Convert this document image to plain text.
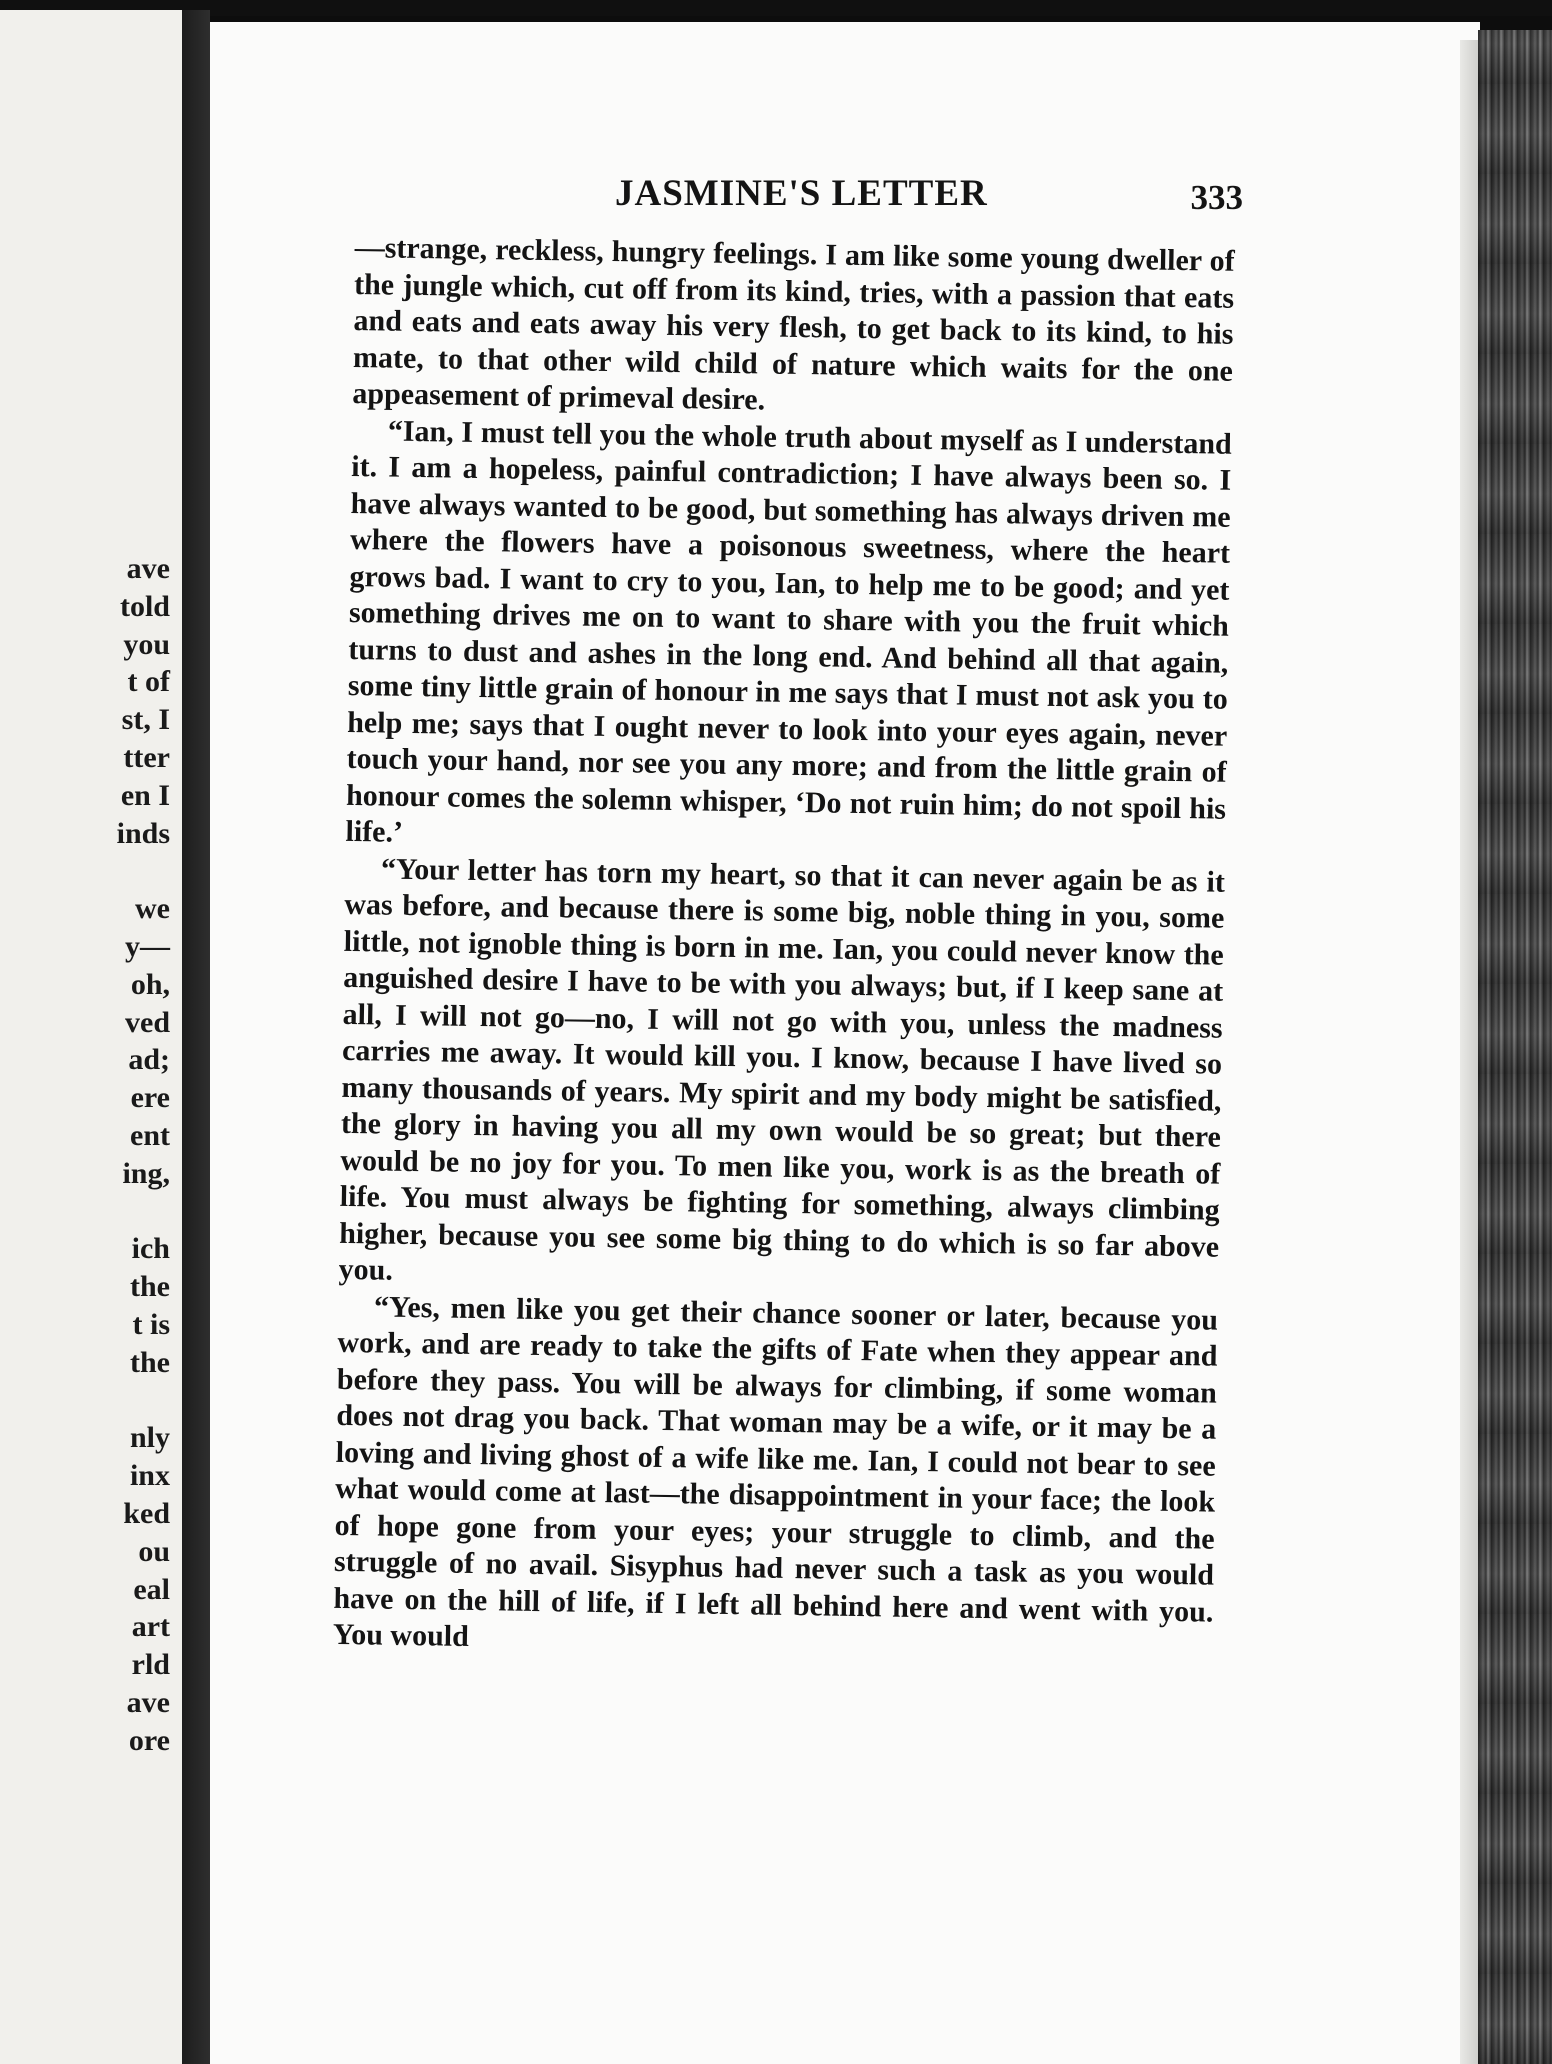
ave
told
you
t of
st, I
tter
en I
inds
we
y—
oh,
ved
ad;
ere
ent
ing,
ich
the
t is
the
nly
inx
ked
ou
eal
art
rld
ave
ore
JASMINE'S LETTER	333

—strange, reckless, hungry feelings. I am like some young dweller of the jungle which, cut off from its kind, tries, with a passion that eats and eats and eats away his very flesh, to get back to its kind, to his mate, to that other wild child of nature which waits for the one appeasement of primeval desire.

“Ian, I must tell you the whole truth about myself as I understand it. I am a hopeless, painful contradiction; I have always been so. I have always wanted to be good, but something has always driven me where the flowers have a poisonous sweetness, where the heart grows bad. I want to cry to you, Ian, to help me to be good; and yet something drives me on to want to share with you the fruit which turns to dust and ashes in the long end. And behind all that again, some tiny little grain of honour in me says that I must not ask you to help me; says that I ought never to look into your eyes again, never touch your hand, nor see you any more; and from the little grain of honour comes the solemn whisper, ‘Do not ruin him; do not spoil his life.’

“Your letter has torn my heart, so that it can never again be as it was before, and because there is some big, noble thing in you, some little, not ignoble thing is born in me. Ian, you could never know the anguished desire I have to be with you always; but, if I keep sane at all, I will not go—no, I will not go with you, unless the madness carries me away. It would kill you. I know, because I have lived so many thousands of years. My spirit and my body might be satisfied, the glory in having you all my own would be so great; but there would be no joy for you. To men like you, work is as the breath of life. You must always be fighting for something, always climbing higher, because you see some big thing to do which is so far above you.

“Yes, men like you get their chance sooner or later, because you work, and are ready to take the gifts of Fate when they appear and before they pass. You will be always for climbing, if some woman does not drag you back. That woman may be a wife, or it may be a loving and living ghost of a wife like me. Ian, I could not bear to see what would come at last—the disappointment in your face; the look of hope gone from your eyes; your struggle to climb, and the struggle of no avail. Sisyphus had never such a task as you would have on the hill of life, if I left all behind here and went with you. You would
